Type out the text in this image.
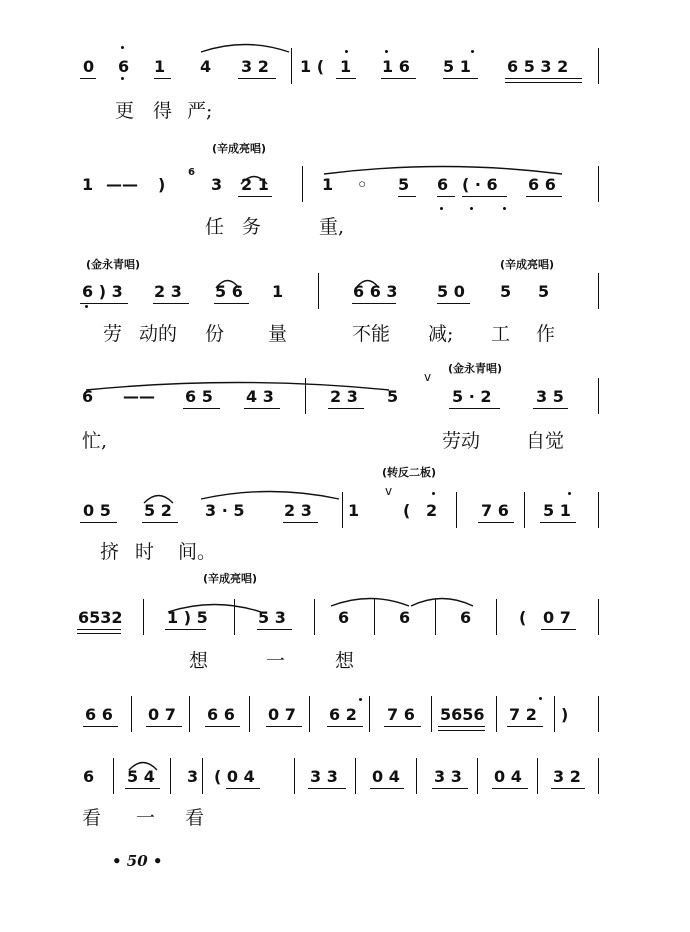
• 50 •
0 6 1 4 3 2 1 ( 1 1 6 5 1 6 5 3 2
更 得 严;
1 —— )	3 2 1	1 ◦ 5 6 ( · 6 6 6
任 务	重,
(辛成亮唱)
6
6 ) 3 2 3 5 6 1	6 6 3 5 0 5 5
劳 动的 份 量	不能 减; 工 作
(金永青唱)	(辛成亮唱)
6 —— 6 5 4 3	2 3 5	5 · 2	3 5
忙,	劳动 自觉
(金永青唱)
v
0 5 5 2 3 · 5 2 3 1	( 2	7 6 5 1
挤 时 间。
(转反二板)
v
6532	1 ) 5	5 3	6	6	6	( 0 7
想	一	想
(辛成亮唱)
6 6 0 7 6 6 0 7 6 2 7 6 5656 7 2 )
6 5 4 3 ( 0 4	3 3 0 4 3 3 0 4 3 2
看 一 看
